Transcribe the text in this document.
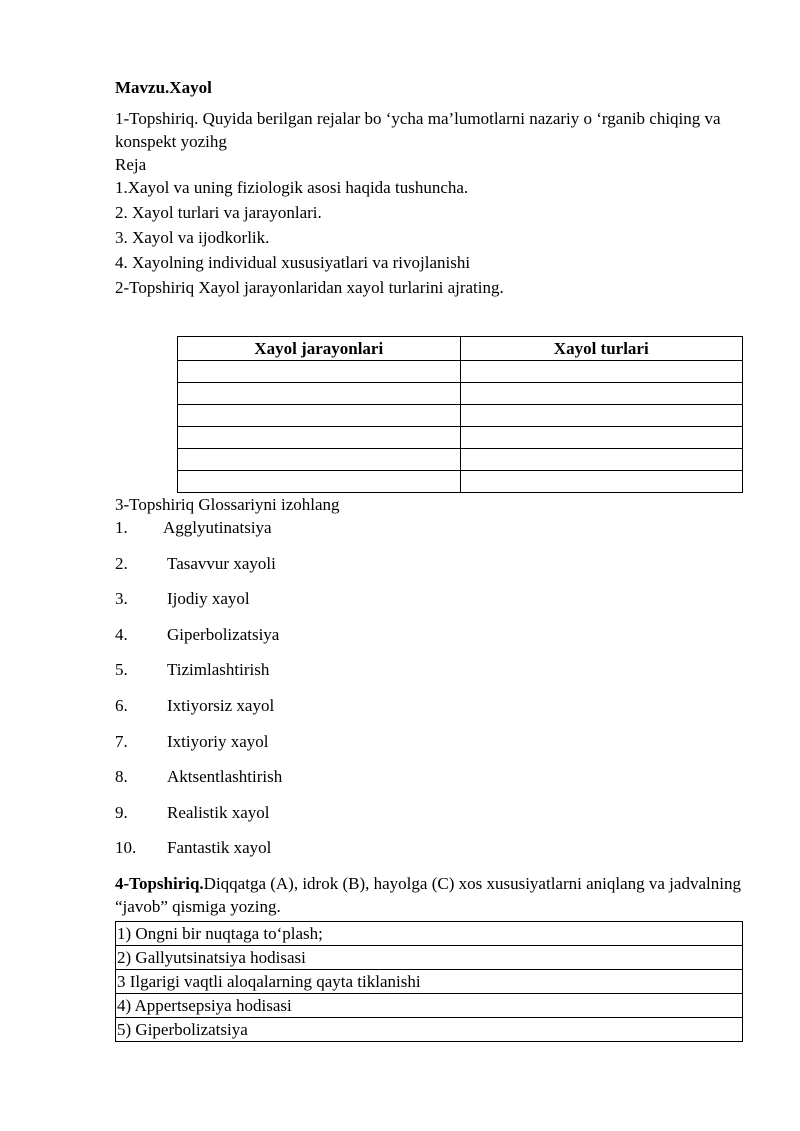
Mavzu.Xayol

1-Topshiriq. Quyida berilgan rejalar bo ‘ycha ma’lumotlarni nazariy o ‘rganib chiqing va konspekt yozihg

Reja

1.Xayol va uning fiziologik asosi haqida tushuncha.

2. Xayol turlari va jarayonlari.

3. Xayol va ijodkorlik.

4. Xayolning individual xususiyatlari va rivojlanishi

2-Topshiriq Xayol jarayonlaridan xayol turlarini ajrating.

Xayol jarayonlari	Xayol turlari

3-Topshiriq Glossariyni izohlang

1.	Agglyutinatsiya
2.	Tasavvur xayoli
3.	Ijodiy xayol
4.	Giperbolizatsiya
5.	Tizimlashtirish
6.	Ixtiyorsiz xayol
7.	Ixtiyoriy xayol
8.	Aktsentlashtirish
9.	Realistik xayol
10.	Fantastik xayol
4-Topshiriq.Diqqatga (A), idrok (B), hayolga (C) xos xususiyatlarni aniqlang va jadvalning “javob” qismiga yozing.
1) Ongni bir nuqtaga to‘plash;
2) Gallyutsinatsiya hodisasi
3 Ilgarigi vaqtli aloqalarning qayta tiklanishi
4) Appertsepsiya hodisasi
5) Giperbolizatsiya
